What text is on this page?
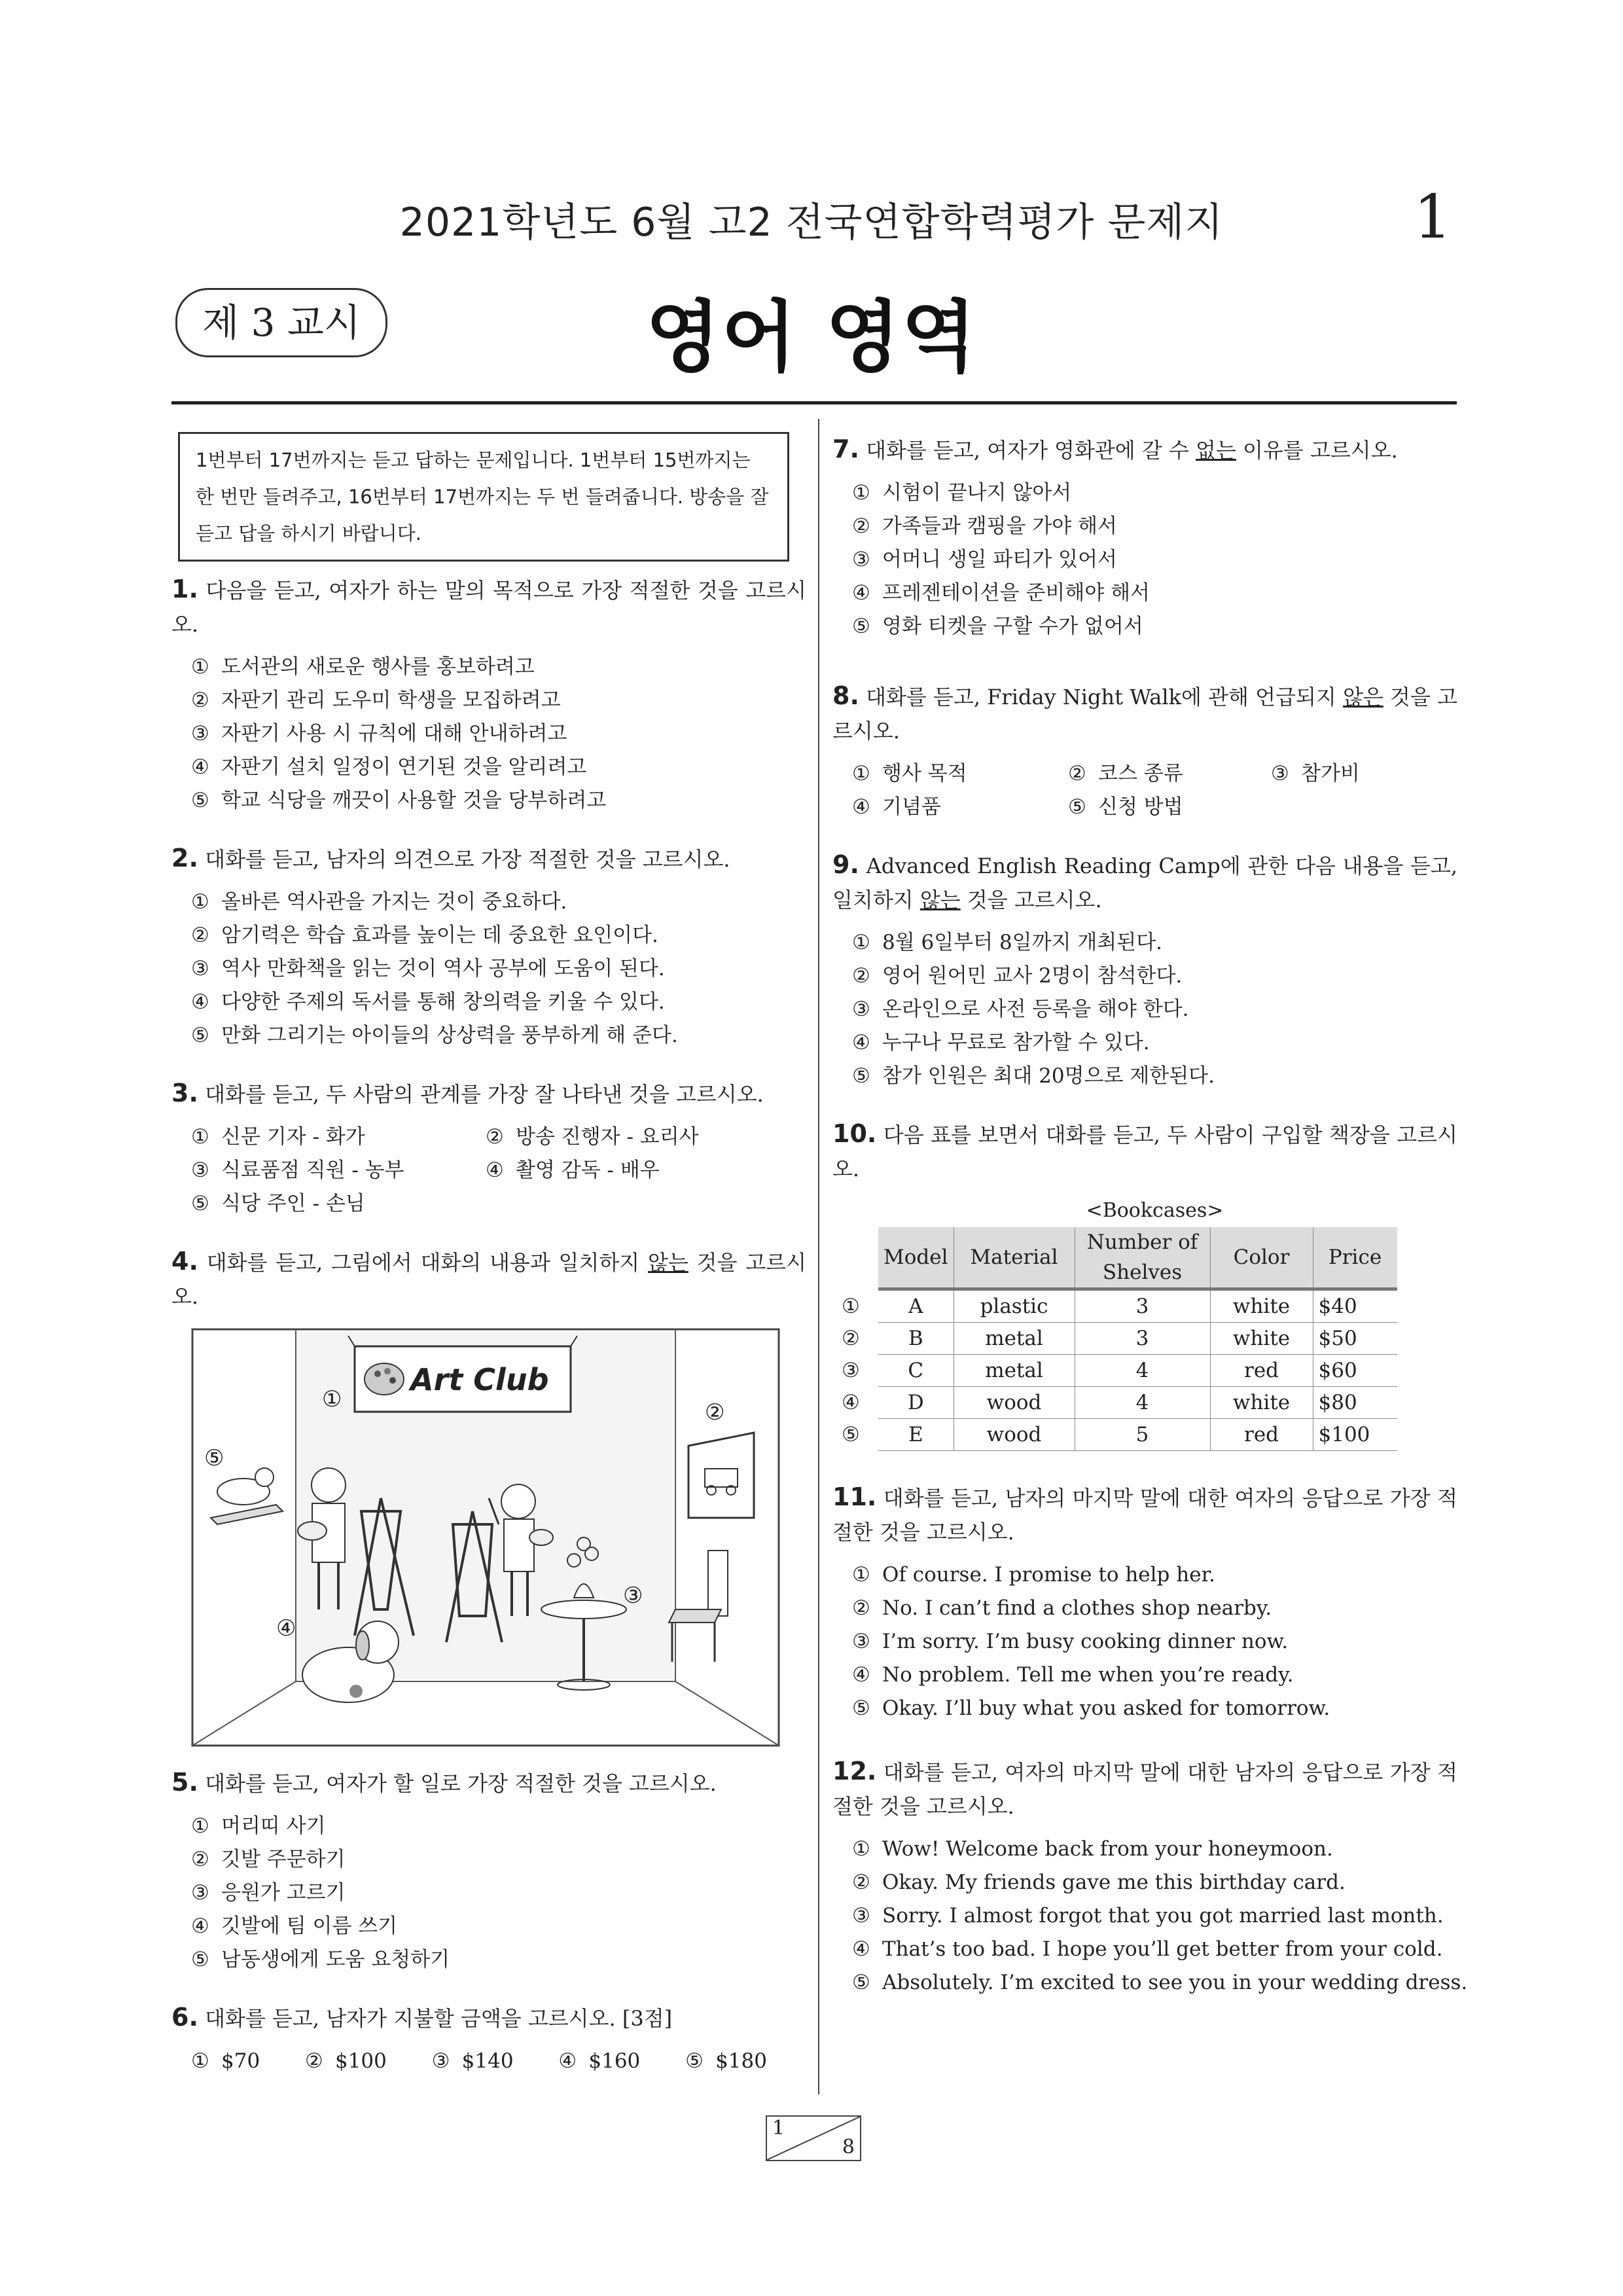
2021학년도 6월 고2 전국연합학력평가 문제지	1
제 3 교시	영어 영역
1번부터 17번까지는 듣고 답하는 문제입니다. 1번부터 15번까지는 한 번만 들려주고, 16번부터 17번까지는 두 번 들려줍니다. 방송을 잘 듣고 답을 하시기 바랍니다.
1. 다음을 듣고, 여자가 하는 말의 목적으로 가장 적절한 것을 고르시오.
① 도서관의 새로운 행사를 홍보하려고
② 자판기 관리 도우미 학생을 모집하려고
③ 자판기 사용 시 규칙에 대해 안내하려고
④ 자판기 설치 일정이 연기된 것을 알리려고
⑤ 학교 식당을 깨끗이 사용할 것을 당부하려고
2. 대화를 듣고, 남자의 의견으로 가장 적절한 것을 고르시오.
① 올바른 역사관을 가지는 것이 중요하다.
② 암기력은 학습 효과를 높이는 데 중요한 요인이다.
③ 역사 만화책을 읽는 것이 역사 공부에 도움이 된다.
④ 다양한 주제의 독서를 통해 창의력을 키울 수 있다.
⑤ 만화 그리기는 아이들의 상상력을 풍부하게 해 준다.
3. 대화를 듣고, 두 사람의 관계를 가장 잘 나타낸 것을 고르시오.
① 신문 기자 - 화가	② 방송 진행자 - 요리사
③ 식료품점 직원 - 농부	④ 촬영 감독 - 배우
⑤ 식당 주인 - 손님
4. 대화를 듣고, 그림에서 대화의 내용과 일치하지 않는 것을 고르시오.
Art Club
①	②
③
④
⑤
5. 대화를 듣고, 여자가 할 일로 가장 적절한 것을 고르시오.
① 머리띠 사기
② 깃발 주문하기
③ 응원가 고르기
④ 깃발에 팀 이름 쓰기
⑤ 남동생에게 도움 요청하기
6. 대화를 듣고, 남자가 지불할 금액을 고르시오. [3점]
① $70 ② $100 ③ $140 ④ $160 ⑤ $180
7. 대화를 듣고, 여자가 영화관에 갈 수 없는 이유를 고르시오.
① 시험이 끝나지 않아서
② 가족들과 캠핑을 가야 해서
③ 어머니 생일 파티가 있어서
④ 프레젠테이션을 준비해야 해서
⑤ 영화 티켓을 구할 수가 없어서
8. 대화를 듣고, Friday Night Walk에 관해 언급되지 않은 것을 고르시오.
① 행사 목적	② 코스 종류	③ 참가비
④ 기념품	⑤ 신청 방법
9. Advanced English Reading Camp에 관한 다음 내용을 듣고, 일치하지 않는 것을 고르시오.
① 8월 6일부터 8일까지 개최된다.
② 영어 원어민 교사 2명이 참석한다.
③ 온라인으로 사전 등록을 해야 한다.
④ 누구나 무료로 참가할 수 있다.
⑤ 참가 인원은 최대 20명으로 제한된다.
10. 다음 표를 보면서 대화를 듣고, 두 사람이 구입할 책장을 고르시오.
<Bookcases>
Model	Material	Number of Shelves	Color	Price

① A	plastic	3	white	$40

② B	metal	3	white	$50

③ C	metal	4	red	$60

④ D	wood	4	white	$80

⑤ E	wood	5	red	$100
11. 대화를 듣고, 남자의 마지막 말에 대한 여자의 응답으로 가장 적절한 것을 고르시오.
① Of course. I promise to help her.
② No. I can’t find a clothes shop nearby.
③ I’m sorry. I’m busy cooking dinner now.
④ No problem. Tell me when you’re ready.
⑤ Okay. I’ll buy what you asked for tomorrow.
12. 대화를 듣고, 여자의 마지막 말에 대한 남자의 응답으로 가장 적절한 것을 고르시오.
① Wow! Welcome back from your honeymoon.
② Okay. My friends gave me this birthday card.
③ Sorry. I almost forgot that you got married last month.
④ That’s too bad. I hope you’ll get better from your cold.
⑤ Absolutely. I’m excited to see you in your wedding dress.
1
8
